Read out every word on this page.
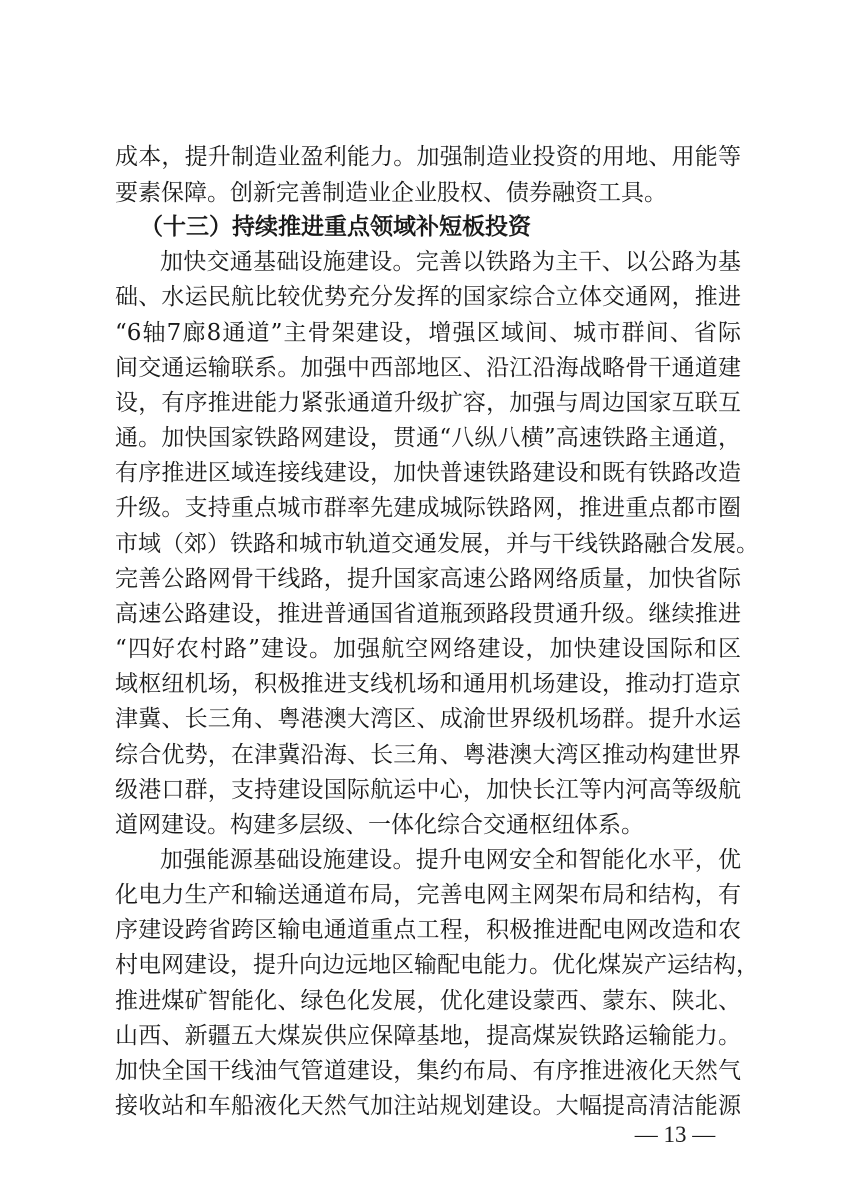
成本，提升制造业盈利能力。加强制造业投资的用地、用能等
要素保障。创新完善制造业企业股权、债券融资工具。
（十三）持续推进重点领域补短板投资
加快交通基础设施建设。完善以铁路为主干、以公路为基
础、水运民航比较优势充分发挥的国家综合立体交通网，推进
“6轴7廊8通道”主骨架建设，增强区域间、城市群间、省际
间交通运输联系。加强中西部地区、沿江沿海战略骨干通道建
设，有序推进能力紧张通道升级扩容，加强与周边国家互联互
通。加快国家铁路网建设，贯通“八纵八横”高速铁路主通道，
有序推进区域连接线建设，加快普速铁路建设和既有铁路改造
升级。支持重点城市群率先建成城际铁路网，推进重点都市圈
市域（郊）铁路和城市轨道交通发展，并与干线铁路融合发展。
完善公路网骨干线路，提升国家高速公路网络质量，加快省际
高速公路建设，推进普通国省道瓶颈路段贯通升级。继续推进
“四好农村路”建设。加强航空网络建设，加快建设国际和区
域枢纽机场，积极推进支线机场和通用机场建设，推动打造京
津冀、长三角、粤港澳大湾区、成渝世界级机场群。提升水运
综合优势，在津冀沿海、长三角、粤港澳大湾区推动构建世界
级港口群，支持建设国际航运中心，加快长江等内河高等级航
道网建设。构建多层级、一体化综合交通枢纽体系。
加强能源基础设施建设。提升电网安全和智能化水平，优
化电力生产和输送通道布局，完善电网主网架布局和结构，有
序建设跨省跨区输电通道重点工程，积极推进配电网改造和农
村电网建设，提升向边远地区输配电能力。优化煤炭产运结构，
推进煤矿智能化、绿色化发展，优化建设蒙西、蒙东、陕北、
山西、新疆五大煤炭供应保障基地，提高煤炭铁路运输能力。
加快全国干线油气管道建设，集约布局、有序推进液化天然气
接收站和车船液化天然气加注站规划建设。大幅提高清洁能源
— 13 —
